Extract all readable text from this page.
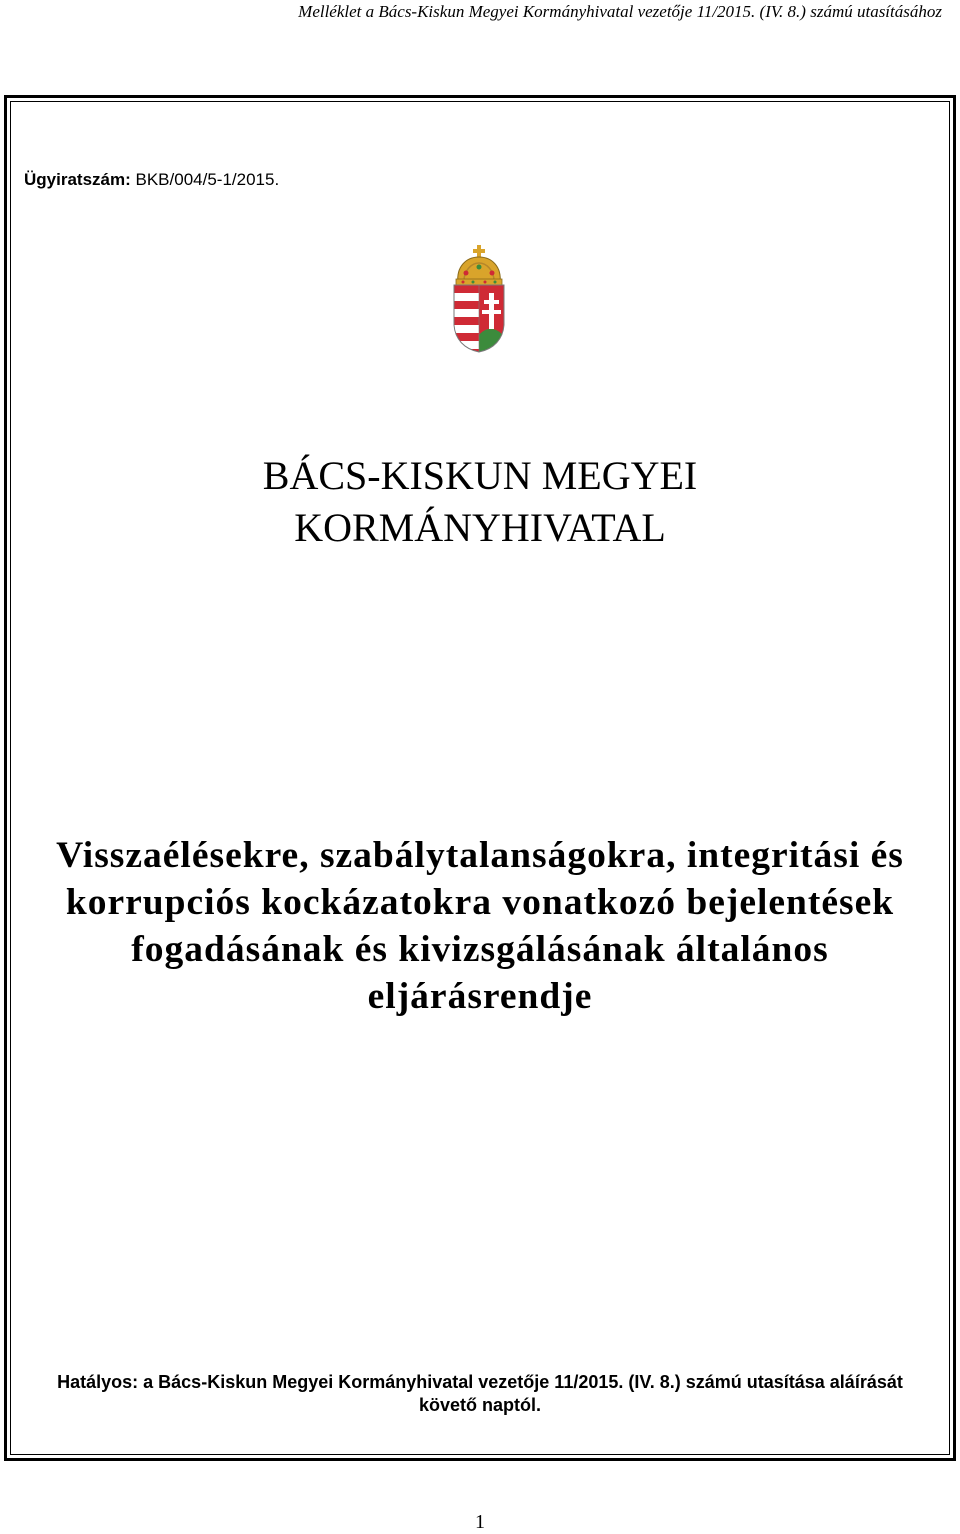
Melléklet a Bács-Kiskun Megyei Kormányhivatal vezetője 11/2015. (IV. 8.) számú utasításához
Ügyiratszám: BKB/004/5-1/2015.
BÁCS-KISKUN MEGYEI
KORMÁNYHIVATAL
Visszaélésekre, szabálytalanságokra, integritási és
korrupciós kockázatokra vonatkozó bejelentések
fogadásának és kivizsgálásának általános
eljárásrendje
Hatályos: a Bács-Kiskun Megyei Kormányhivatal vezetője 11/2015. (IV. 8.) számú utasítása aláírását
követő naptól.
1
